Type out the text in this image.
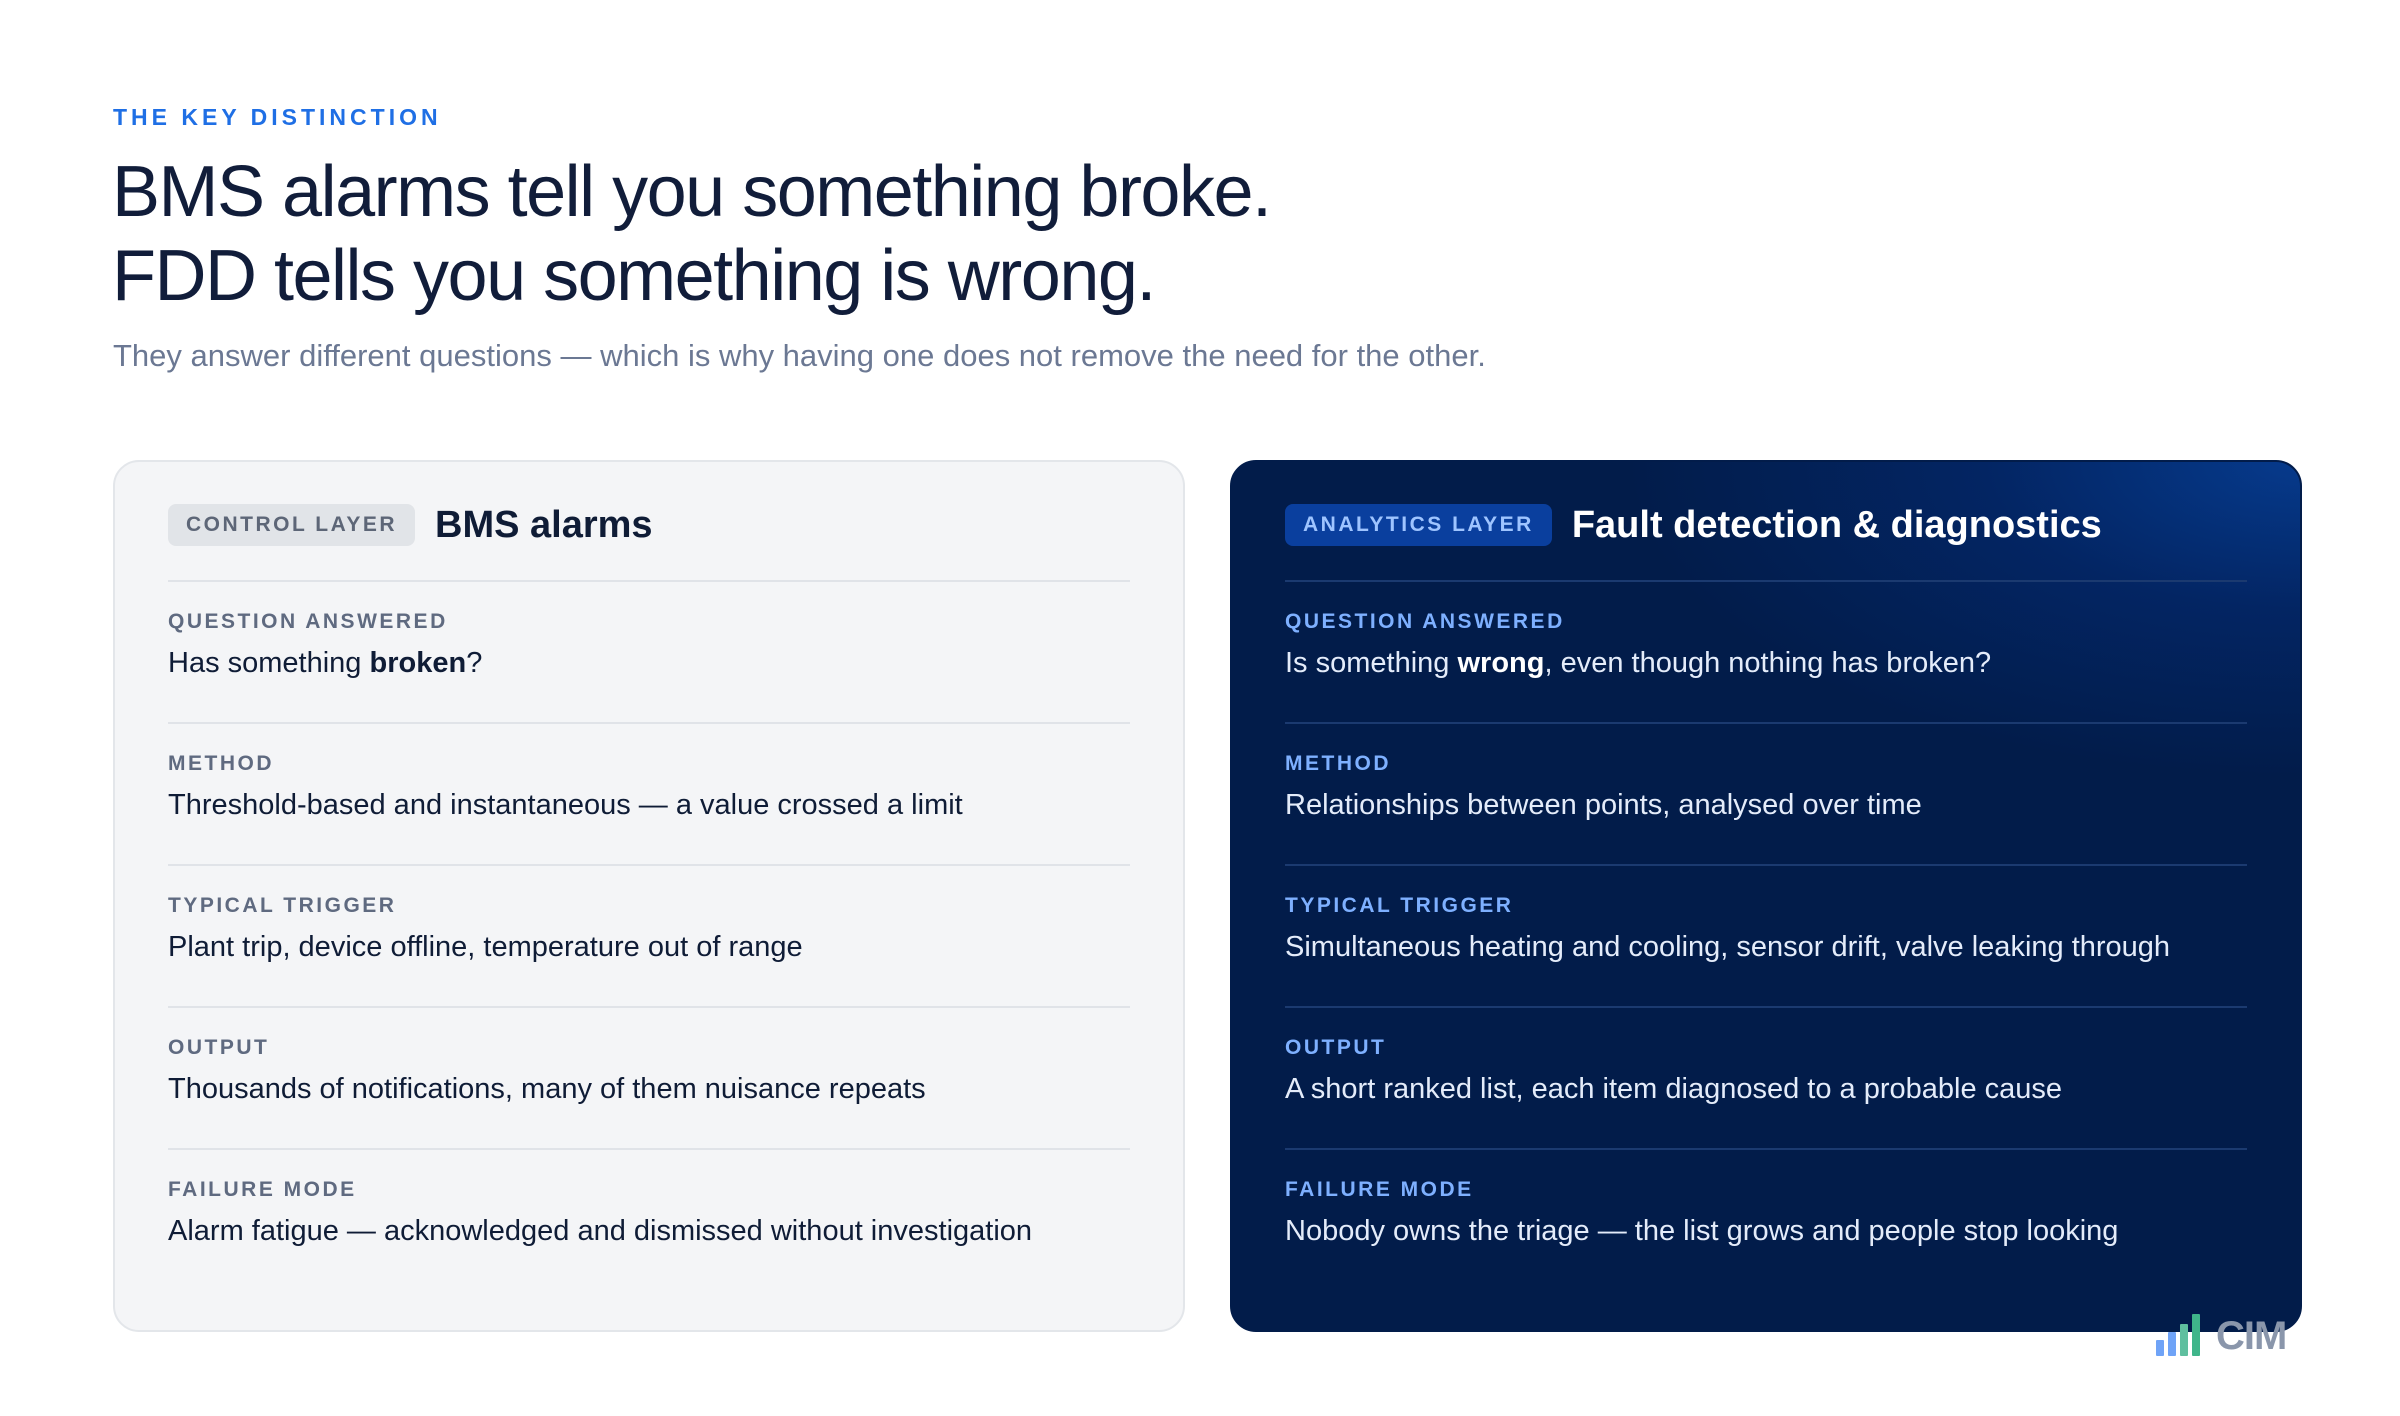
THE KEY DISTINCTION
BMS alarms tell you something broke.
FDD tells you something is wrong.

They answer different questions — which is why having one does not remove the need for the other.

CONTROL LAYER	BMS alarms
QUESTION ANSWERED
Has something broken?
METHOD
Threshold-based and instantaneous — a value crossed a limit
TYPICAL TRIGGER
Plant trip, device offline, temperature out of range
OUTPUT
Thousands of notifications, many of them nuisance repeats
FAILURE MODE
Alarm fatigue — acknowledged and dismissed without investigation
ANALYTICS LAYER	Fault detection & diagnostics
QUESTION ANSWERED
Is something wrong, even though nothing has broken?
METHOD
Relationships between points, analysed over time
TYPICAL TRIGGER
Simultaneous heating and cooling, sensor drift, valve leaking through
OUTPUT
A short ranked list, each item diagnosed to a probable cause
FAILURE MODE
Nobody owns the triage — the list grows and people stop looking
CIM
